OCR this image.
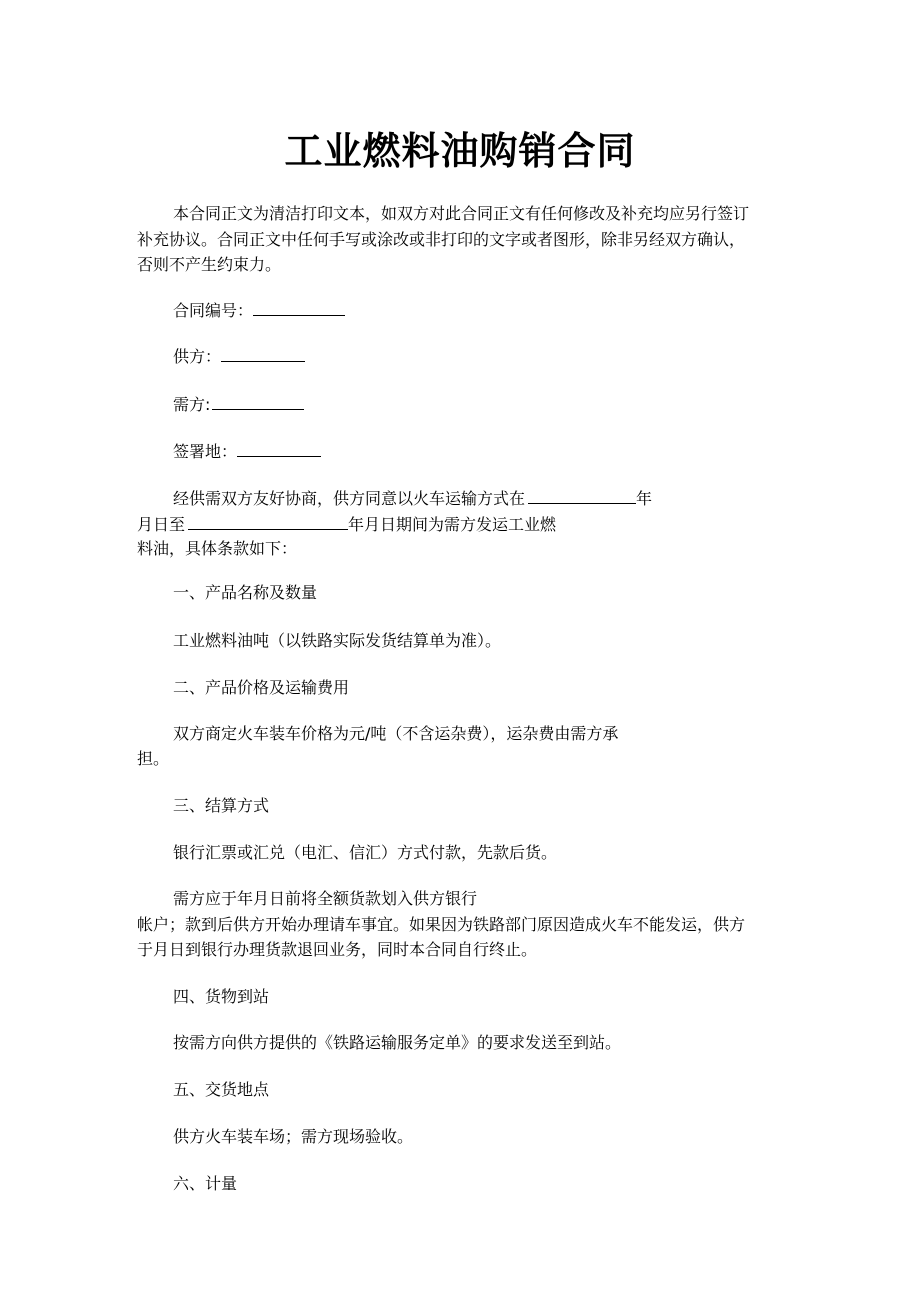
工业燃料油购销合同
本合同正文为清洁打印文本，如双方对此合同正文有任何修改及补充均应另行签订
补充协议。合同正文中任何手写或涂改或非打印的文字或者图形，除非另经双方确认，
否则不产生约束力。
合同编号：
供方：
需方:
签署地：
经供需双方友好协商，供方同意以火车运输方式在	年
月日至	年月日期间为需方发运工业燃
料油，具体条款如下：
一、产品名称及数量
工业燃料油吨（以铁路实际发货结算单为准）。
二、产品价格及运输费用
双方商定火车装车价格为元/吨（不含运杂费），运杂费由需方承
担。
三、结算方式
银行汇票或汇兑（电汇、信汇）方式付款，先款后货。
需方应于年月日前将全额货款划入供方银行
帐户；款到后供方开始办理请车事宜。如果因为铁路部门原因造成火车不能发运，供方
于月日到银行办理货款退回业务，同时本合同自行终止。
四、货物到站
按需方向供方提供的《铁路运输服务定单》的要求发送至到站。
五、交货地点
供方火车装车场；需方现场验收。
六、计量
